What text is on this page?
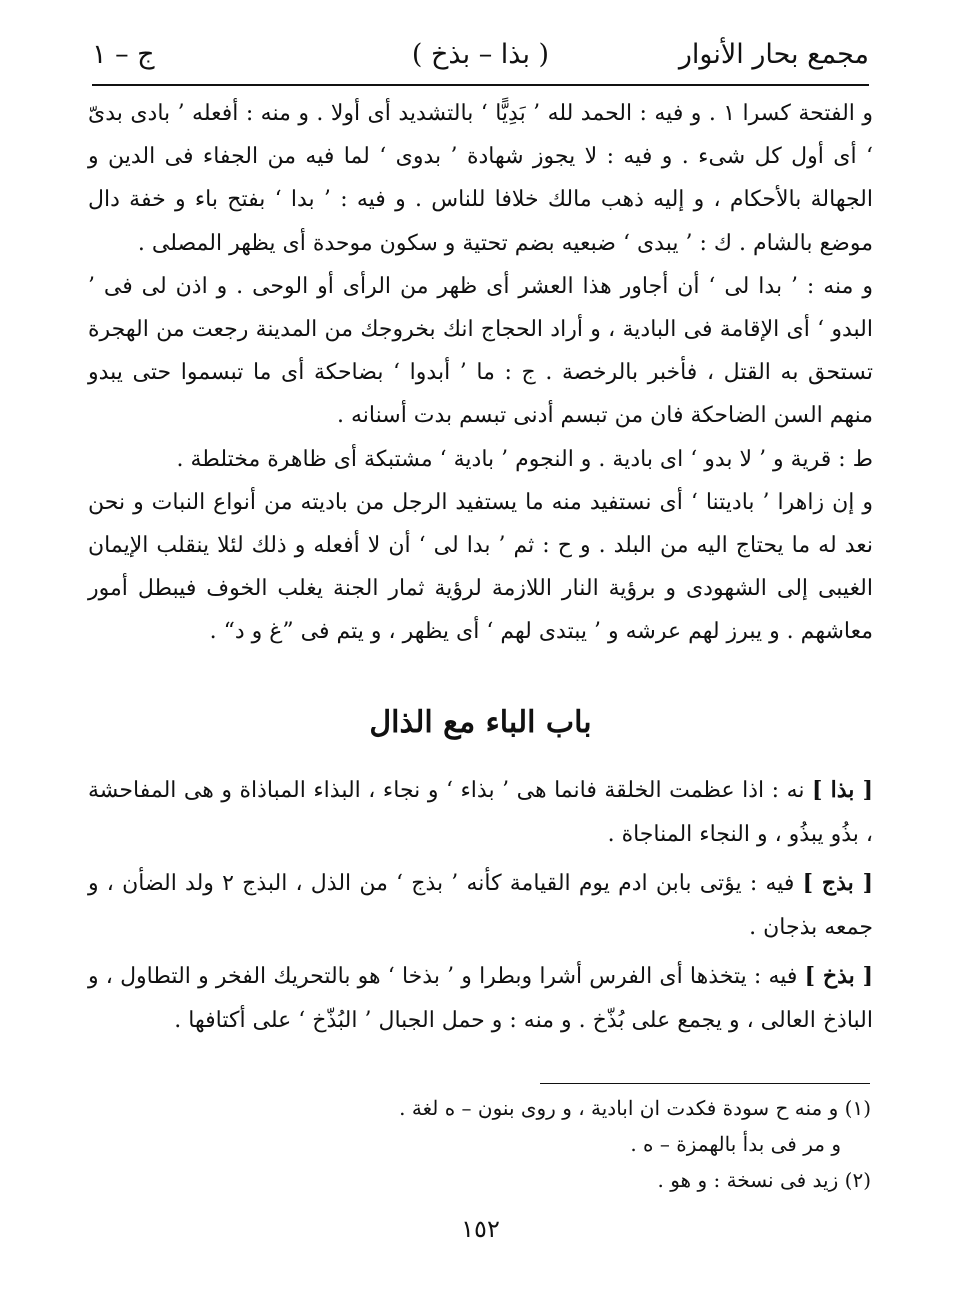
مجمع بحار الأنوار
( بذا – بذخ )
ج – ١

و الفتحة كسرا ١ . و فيه : الحمد لله ’ بَدِيًّا ‘ بالتشديد أى أولا . و منه : أفعله ’ بادى بدىّ ‘ أى أول كل شىء . و فيه : لا يجوز شهادة ’ بدوى ‘ لما فيه من الجفاء فى الدين و الجهالة بالأحكام ، و إليه ذهب مالك خلافا للناس . و فيه : ’ بدا ‘ بفتح باء و خفة دال موضع بالشام . ك : ’ يبدى ‘ ضبعيه بضم تحتية و سكون موحدة أى يظهر المصلى .

و منه : ’ بدا لى ‘ أن أجاور هذا العشر أى ظهر من الرأى أو الوحى . و اذن لى فى ’ البدو ‘ أى الإقامة فى البادية ، و أراد الحجاج انك بخروجك من المدينة رجعت من الهجرة تستحق به القتل ، فأخبر بالرخصة . ج : ما ’ أبدوا ‘ بضاحكة أى ما تبسموا حتى يبدو منهم السن الضاحكة فان من تبسم أدنى تبسم بدت أسنانه .

ط : قرية و ’ لا بدو ‘ اى بادية . و النجوم ’ بادية ‘ مشتبكة أى ظاهرة مختلطة .

و إن زاهرا ’ باديتنا ‘ أى نستفيد منه ما يستفيد الرجل من باديته من أنواع النبات و نحن نعد له ما يحتاج اليه من البلد . و ح : ثم ’ بدا لى ‘ أن لا أفعله و ذلك لئلا ينقلب الإيمان الغيبى إلى الشهودى و برؤية النار اللازمة لرؤية ثمار الجنة يغلب الخوف فيبطل أمور معاشهم . و يبرز لهم عرشه و ’ يبتدى لهم ‘ أى يظهر ، و يتم فى ”غ و د“ .

باب الباء مع الذال

[ بذا ] نه : اذا عظمت الخلقة فانما هى ’ بذاء ‘ و نجاء ، البذاء المباذاة و هى المفاحشة ، بذُو يبذُو ، و النجاء المناجاة .

[ بذج ] فيه : يؤتى بابن ادم يوم القيامة كأنه ’ بذج ‘ من الذل ، البذج ٢ ولد الضأن ، و جمعه بذجان .

[ بذخ ] فيه : يتخذها أى الفرس أشرا وبطرا و ’ بذخا ‘ هو بالتحريك الفخر و التطاول ، و الباذخ العالى ، و يجمع على بُذّخ . و منه : و حمل الجبال ’ البُذّخ ‘ على أكتافها .

(١) و منه ح سودة فكدت ان ابادية ، و روى بنون – ه لغة .

و مر فى بدأ بالهمزة – ه .

(٢) زيد فى نسخة : و هو .

١٥٢
